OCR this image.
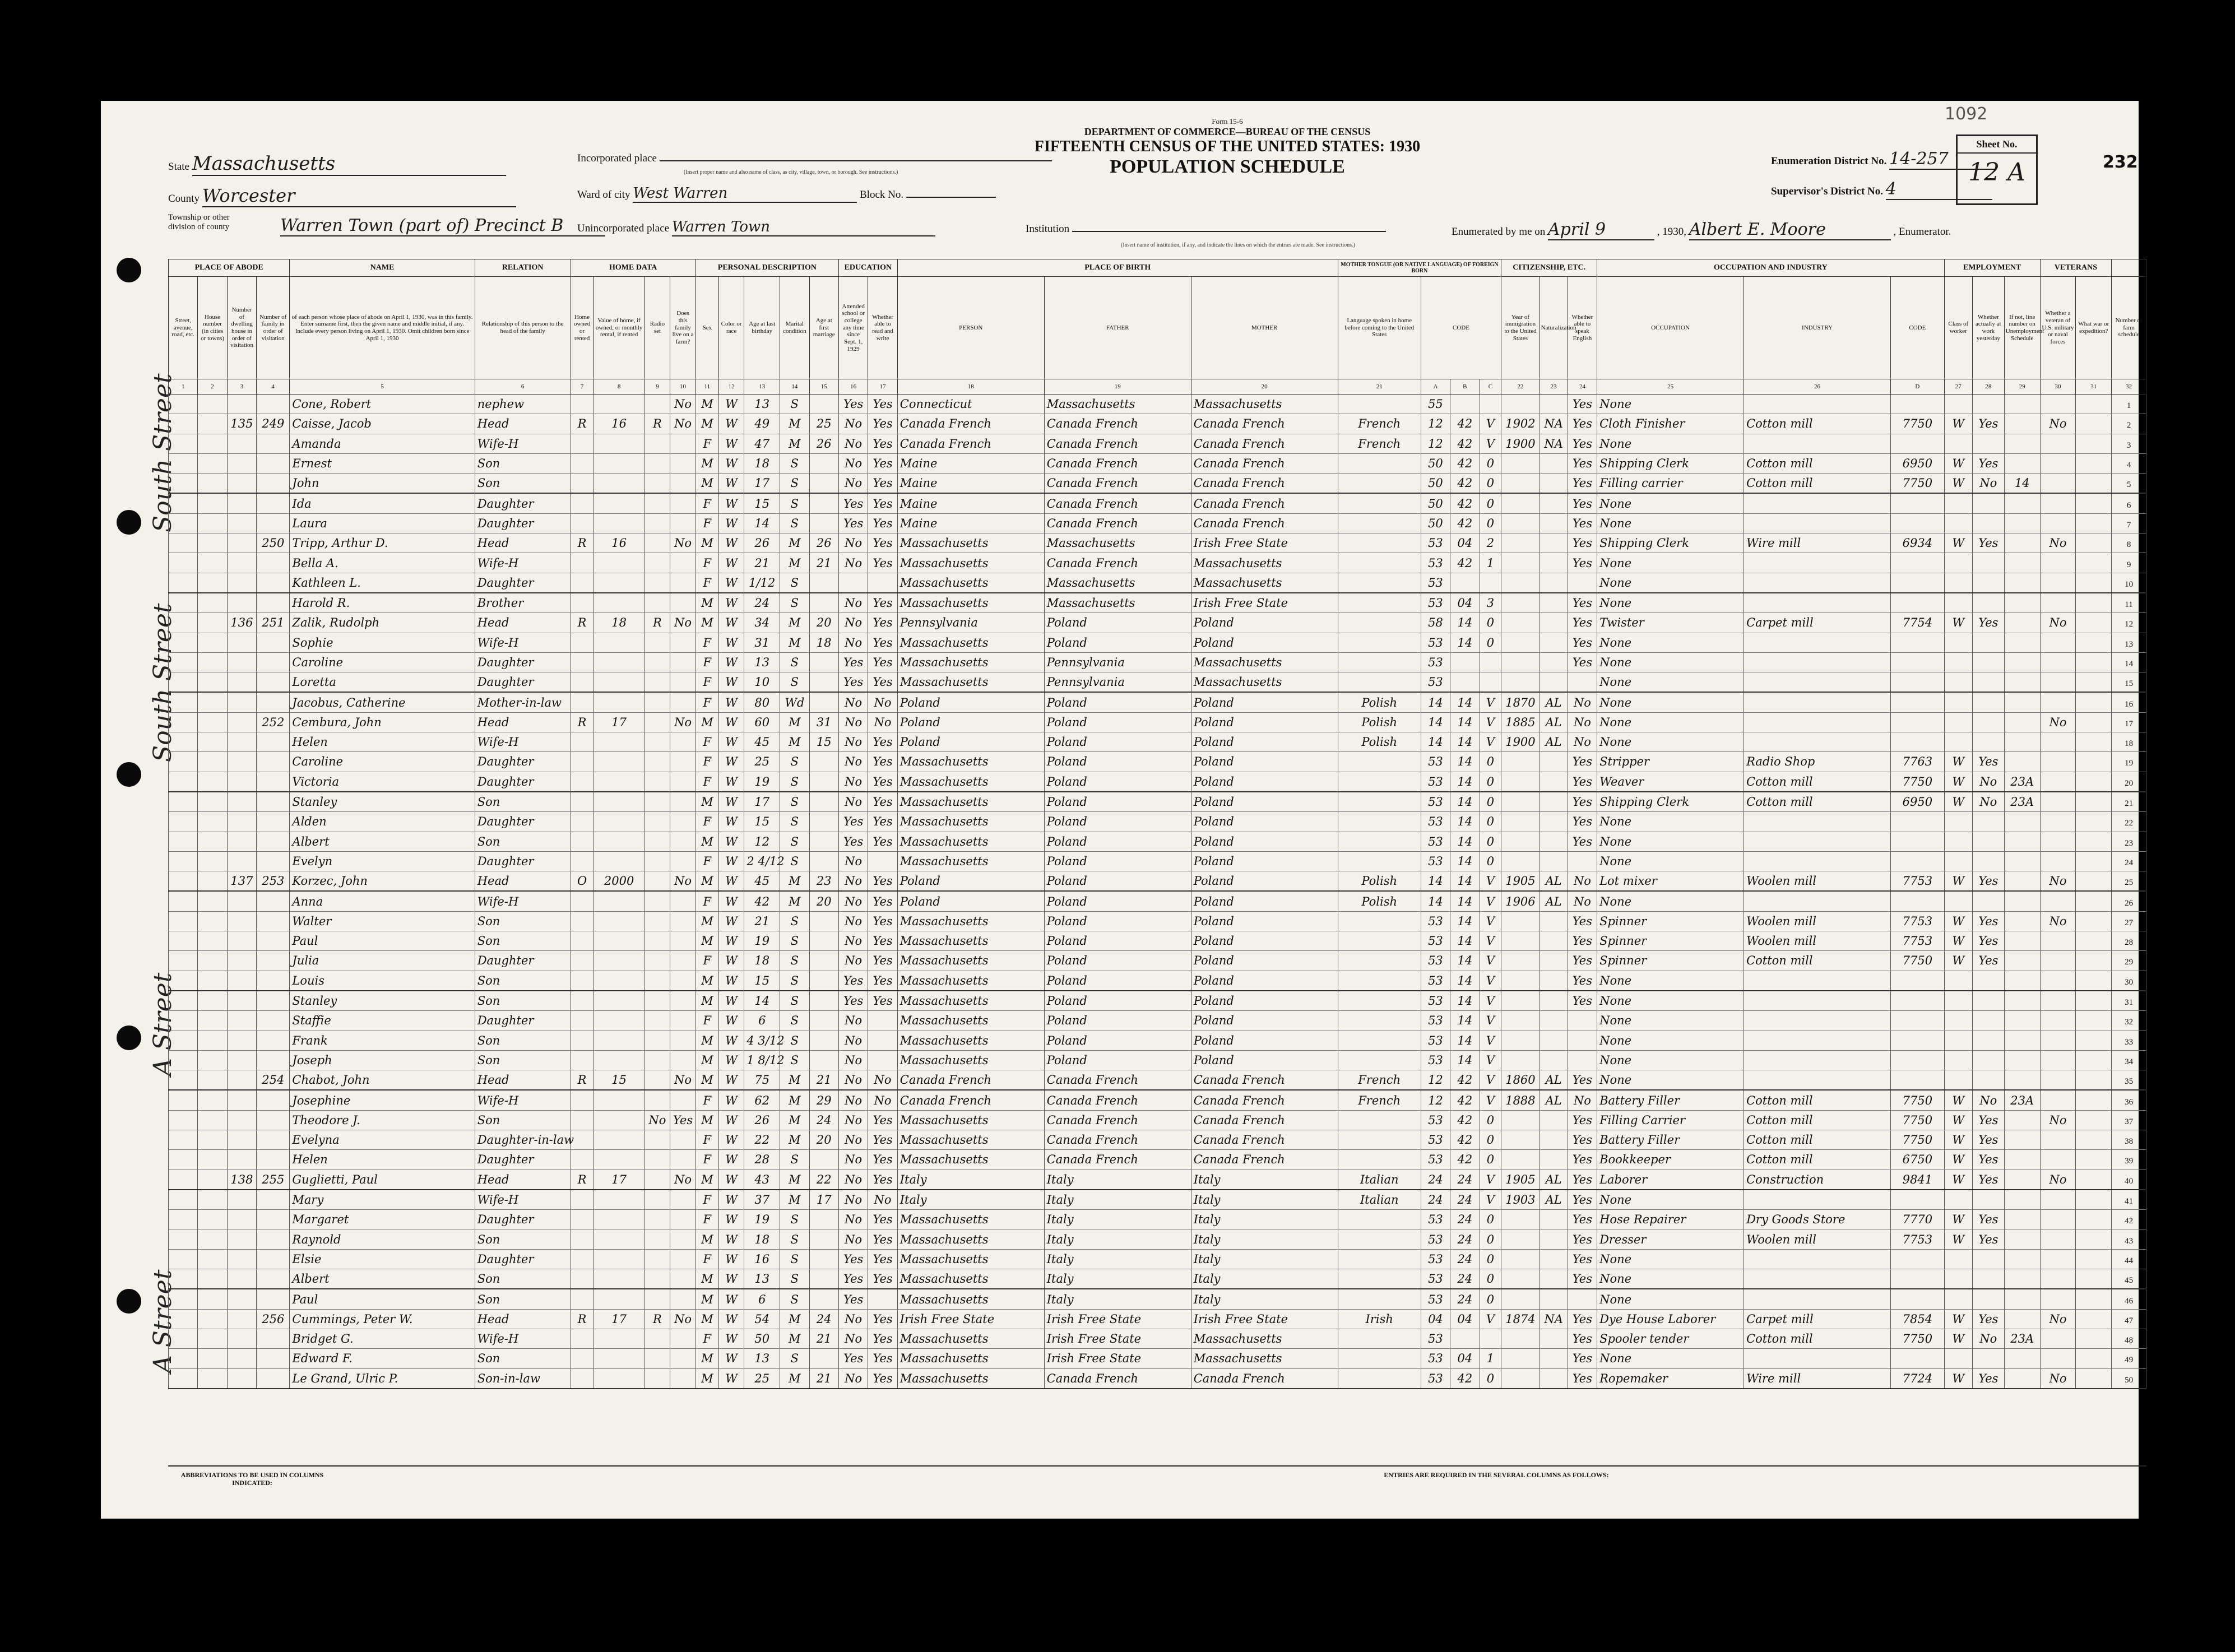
1092
232
State Massachusetts
County Worcester
Township or other division of county	Warren Town (part of) Precinct B
Incorporated place
(Insert proper name and also name of class, as city, village, town, or borough. See instructions.)
Ward of city West Warren	Block No.
Unincorporated place Warren Town
Form 15-6
DEPARTMENT OF COMMERCE—BUREAU OF THE CENSUS
FIFTEENTH CENSUS OF THE UNITED STATES: 1930
POPULATION SCHEDULE
Institution
(Insert name of institution, if any, and indicate the lines on which the entries are made. See instructions.)
Enumeration District No. 14-257
Supervisor's District No. 4
Sheet No.
12 A
Enumerated by me on April 9	, 1930, Albert E. Moore	, Enumerator.
South Street
South Street
A Street
A Street
PLACE OF ABODE				NAME	RELATION	HOME DATA				PERSONAL DESCRIPTION					EDUCATION		PLACE OF BIRTH			MOTHER TONGUE (OR NATIVE LANGUAGE) OF FOREIGN BORN				CITIZENSHIP, ETC.			OCCUPATION AND INDUSTRY			EMPLOYMENT			VETERANS		
Street, avenue, road, etc.	House number (in cities or towns)	Number of dwelling house in order of visitation	Number of family in order of visitation	of each person whose place of abode on April 1, 1930, was in this family. Enter surname first, then the given name and middle initial, if any. Include every person living on April 1, 1930. Omit children born since April 1, 1930	Relationship of this person to the head of the family	Home owned or rented	Value of home, if owned, or monthly rental, if rented	Radio set	Does this family live on a farm?	Sex	Color or race	Age at last birthday	Marital condition	Age at first marriage	Attended school or college any time since Sept. 1, 1929	Whether able to read and write	PERSON	FATHER	MOTHER	Language spoken in home before coming to the United States	CODE			Year of immigration to the United States	Naturalization	Whether able to speak English	OCCUPATION	INDUSTRY	CODE	Class of worker	Whether actually at work yesterday	If not, line number on Unemployment Schedule	Whether a veteran of U.S. military or naval forces	What war or expedition?	Number of farm schedule
1	2	3	4	5	6	7	8	9	10	11	12	13	14	15	16	17	18	19	20	21	A	B	C	22	23	24	25	26	D	27	28	29	30	31	32
				Cone, Robert	nephew				No	M	W	13	S		Yes	Yes	Connecticut	Massachusetts	Massachusetts		55					Yes	None								1
		135	249	Caisse, Jacob	Head	R	16	R	No	M	W	49	M	25	No	Yes	Canada French	Canada French	Canada French	French	12	42	V	1902	NA	Yes	Cloth Finisher	Cotton mill	7750	W	Yes		No		2
				Amanda	Wife-H					F	W	47	M	26	No	Yes	Canada French	Canada French	Canada French	French	12	42	V	1900	NA	Yes	None								3
				Ernest	Son					M	W	18	S		No	Yes	Maine	Canada French	Canada French		50	42	0			Yes	Shipping Clerk	Cotton mill	6950	W	Yes				4
				John	Son					M	W	17	S		No	Yes	Maine	Canada French	Canada French		50	42	0			Yes	Filling carrier	Cotton mill	7750	W	No	14			5
				Ida	Daughter					F	W	15	S		Yes	Yes	Maine	Canada French	Canada French		50	42	0			Yes	None								6
				Laura	Daughter					F	W	14	S		Yes	Yes	Maine	Canada French	Canada French		50	42	0			Yes	None								7
			250	Tripp, Arthur D.	Head	R	16		No	M	W	26	M	26	No	Yes	Massachusetts	Massachusetts	Irish Free State		53	04	2			Yes	Shipping Clerk	Wire mill	6934	W	Yes		No		8
				Bella A.	Wife-H					F	W	21	M	21	No	Yes	Massachusetts	Canada French	Massachusetts		53	42	1			Yes	None								9
				Kathleen L.	Daughter					F	W	1/12	S				Massachusetts	Massachusetts	Massachusetts		53						None								10
				Harold R.	Brother					M	W	24	S		No	Yes	Massachusetts	Massachusetts	Irish Free State		53	04	3			Yes	None								11
		136	251	Zalik, Rudolph	Head	R	18	R	No	M	W	34	M	20	No	Yes	Pennsylvania	Poland	Poland		58	14	0			Yes	Twister	Carpet mill	7754	W	Yes		No		12
				Sophie	Wife-H					F	W	31	M	18	No	Yes	Massachusetts	Poland	Poland		53	14	0			Yes	None								13
				Caroline	Daughter					F	W	13	S		Yes	Yes	Massachusetts	Pennsylvania	Massachusetts		53					Yes	None								14
				Loretta	Daughter					F	W	10	S		Yes	Yes	Massachusetts	Pennsylvania	Massachusetts		53						None								15
				Jacobus, Catherine	Mother-in-law					F	W	80	Wd		No	No	Poland	Poland	Poland	Polish	14	14	V	1870	AL	No	None								16
			252	Cembura, John	Head	R	17		No	M	W	60	M	31	No	No	Poland	Poland	Poland	Polish	14	14	V	1885	AL	No	None						No		17
				Helen	Wife-H					F	W	45	M	15	No	Yes	Poland	Poland	Poland	Polish	14	14	V	1900	AL	No	None								18
				Caroline	Daughter					F	W	25	S		No	Yes	Massachusetts	Poland	Poland		53	14	0			Yes	Stripper	Radio Shop	7763	W	Yes				19
				Victoria	Daughter					F	W	19	S		No	Yes	Massachusetts	Poland	Poland		53	14	0			Yes	Weaver	Cotton mill	7750	W	No	23A			20
				Stanley	Son					M	W	17	S		No	Yes	Massachusetts	Poland	Poland		53	14	0			Yes	Shipping Clerk	Cotton mill	6950	W	No	23A			21
				Alden	Daughter					F	W	15	S		Yes	Yes	Massachusetts	Poland	Poland		53	14	0			Yes	None								22
				Albert	Son					M	W	12	S		Yes	Yes	Massachusetts	Poland	Poland		53	14	0			Yes	None								23
				Evelyn	Daughter					F	W	2 4/12	S		No		Massachusetts	Poland	Poland		53	14	0				None								24
		137	253	Korzec, John	Head	O	2000		No	M	W	45	M	23	No	Yes	Poland	Poland	Poland	Polish	14	14	V	1905	AL	No	Lot mixer	Woolen mill	7753	W	Yes		No		25
				Anna	Wife-H					F	W	42	M	20	No	Yes	Poland	Poland	Poland	Polish	14	14	V	1906	AL	No	None								26
				Walter	Son					M	W	21	S		No	Yes	Massachusetts	Poland	Poland		53	14	V			Yes	Spinner	Woolen mill	7753	W	Yes		No		27
				Paul	Son					M	W	19	S		No	Yes	Massachusetts	Poland	Poland		53	14	V			Yes	Spinner	Woolen mill	7753	W	Yes				28
				Julia	Daughter					F	W	18	S		No	Yes	Massachusetts	Poland	Poland		53	14	V			Yes	Spinner	Cotton mill	7750	W	Yes				29
				Louis	Son					M	W	15	S		Yes	Yes	Massachusetts	Poland	Poland		53	14	V			Yes	None								30
				Stanley	Son					M	W	14	S		Yes	Yes	Massachusetts	Poland	Poland		53	14	V			Yes	None								31
				Staffie	Daughter					F	W	6	S		No		Massachusetts	Poland	Poland		53	14	V				None								32
				Frank	Son					M	W	4 3/12	S		No		Massachusetts	Poland	Poland		53	14	V				None								33
				Joseph	Son					M	W	1 8/12	S		No		Massachusetts	Poland	Poland		53	14	V				None								34
			254	Chabot, John	Head	R	15		No	M	W	75	M	21	No	No	Canada French	Canada French	Canada French	French	12	42	V	1860	AL	Yes	None								35
				Josephine	Wife-H					F	W	62	M	29	No	No	Canada French	Canada French	Canada French	French	12	42	V	1888	AL	No	Battery Filler	Cotton mill	7750	W	No	23A			36
				Theodore J.	Son			No	Yes	M	W	26	M	24	No	Yes	Massachusetts	Canada French	Canada French		53	42	0			Yes	Filling Carrier	Cotton mill	7750	W	Yes		No		37
				Evelyna	Daughter-in-law					F	W	22	M	20	No	Yes	Massachusetts	Canada French	Canada French		53	42	0			Yes	Battery Filler	Cotton mill	7750	W	Yes				38
				Helen	Daughter					F	W	28	S		No	Yes	Massachusetts	Canada French	Canada French		53	42	0			Yes	Bookkeeper	Cotton mill	6750	W	Yes				39
		138	255	Guglietti, Paul	Head	R	17		No	M	W	43	M	22	No	Yes	Italy	Italy	Italy	Italian	24	24	V	1905	AL	Yes	Laborer	Construction	9841	W	Yes		No		40
				Mary	Wife-H					F	W	37	M	17	No	No	Italy	Italy	Italy	Italian	24	24	V	1903	AL	Yes	None								41
				Margaret	Daughter					F	W	19	S		No	Yes	Massachusetts	Italy	Italy		53	24	0			Yes	Hose Repairer	Dry Goods Store	7770	W	Yes				42
				Raynold	Son					M	W	18	S		No	Yes	Massachusetts	Italy	Italy		53	24	0			Yes	Dresser	Woolen mill	7753	W	Yes				43
				Elsie	Daughter					F	W	16	S		Yes	Yes	Massachusetts	Italy	Italy		53	24	0			Yes	None								44
				Albert	Son					M	W	13	S		Yes	Yes	Massachusetts	Italy	Italy		53	24	0			Yes	None								45
				Paul	Son					M	W	6	S		Yes		Massachusetts	Italy	Italy		53	24	0				None								46
			256	Cummings, Peter W.	Head	R	17	R	No	M	W	54	M	24	No	Yes	Irish Free State	Irish Free State	Irish Free State	Irish	04	04	V	1874	NA	Yes	Dye House Laborer	Carpet mill	7854	W	Yes		No		47
				Bridget G.	Wife-H					F	W	50	M	21	No	Yes	Massachusetts	Irish Free State	Massachusetts		53					Yes	Spooler tender	Cotton mill	7750	W	No	23A			48
				Edward F.	Son					M	W	13	S		Yes	Yes	Massachusetts	Irish Free State	Massachusetts		53	04	1			Yes	None								49
				Le Grand, Ulric P.	Son-in-law					M	W	25	M	21	No	Yes	Massachusetts	Canada French	Canada French		53	42	0			Yes	Ropemaker	Wire mill	7724	W	Yes		No		50
ABBREVIATIONS TO BE USED IN COLUMNS INDICATED:
ENTRIES ARE REQUIRED IN THE SEVERAL COLUMNS AS FOLLOWS:
